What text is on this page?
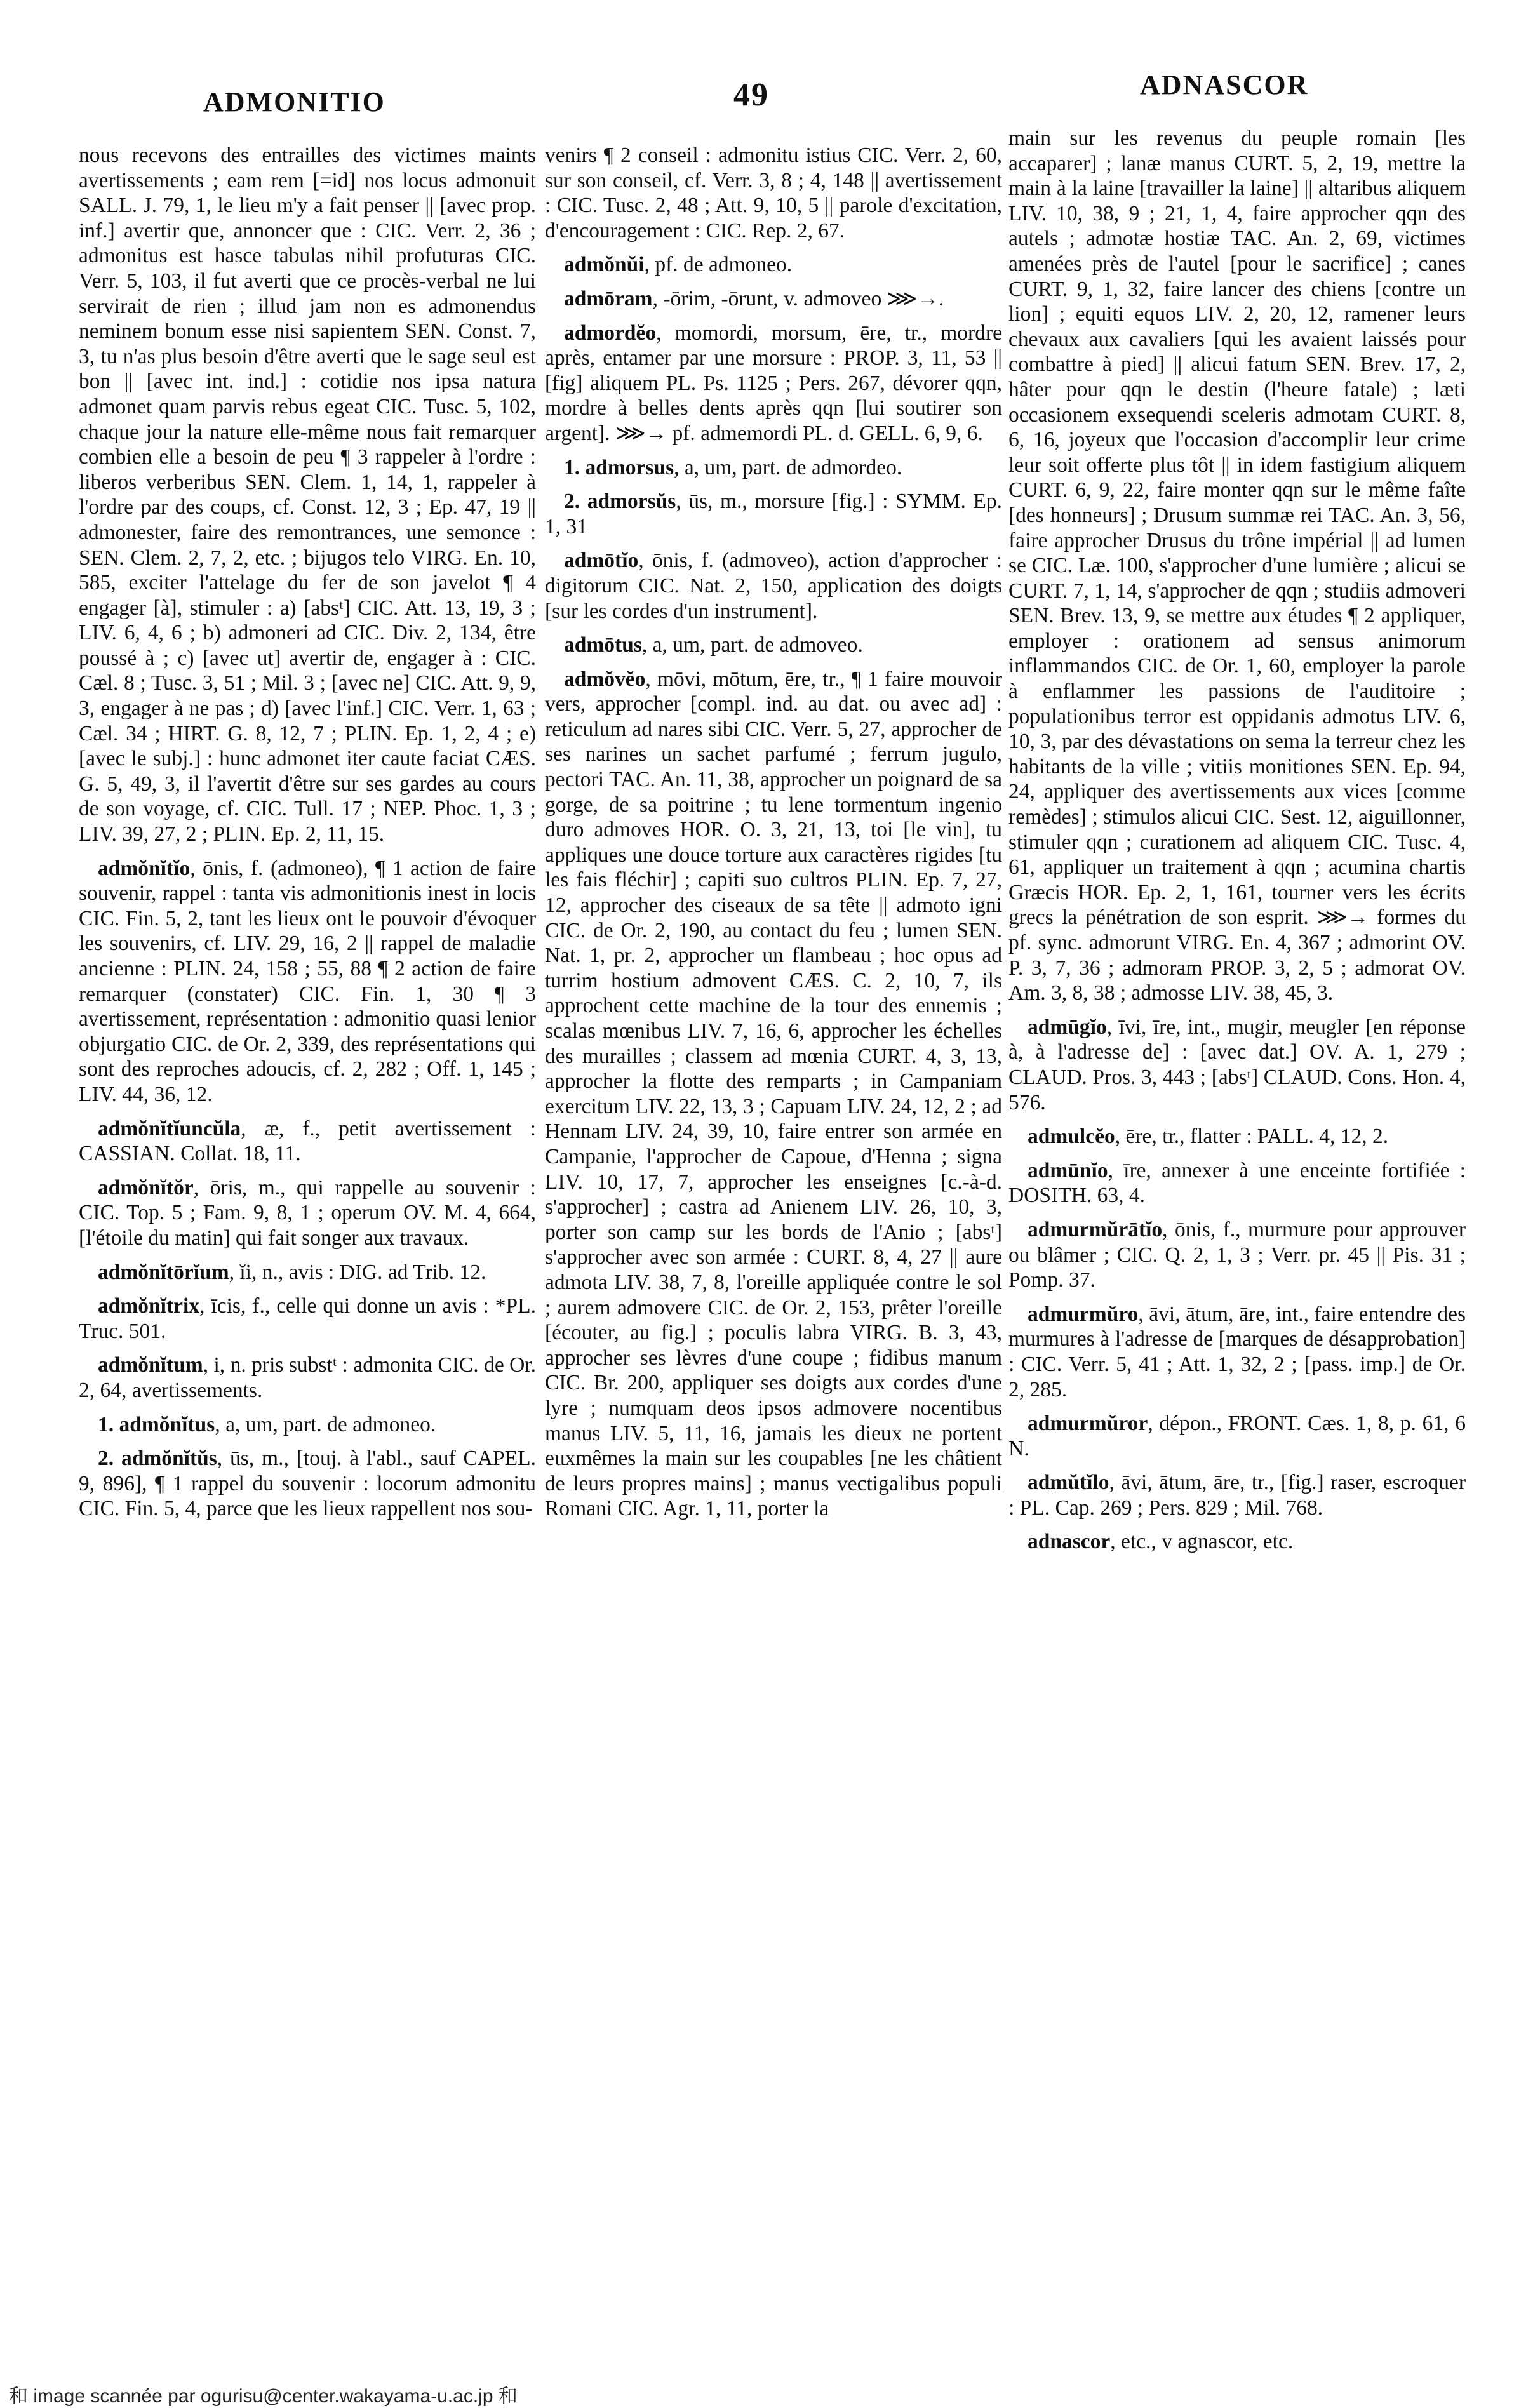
ADMONITIO	49	ADNASCOR

nous recevons des entrailles des victimes maints avertissements ; eam rem [=id] nos locus admonuit SALL. J. 79, 1, le lieu m'y a fait penser || [avec prop. inf.] avertir que, annoncer que : CIC. Verr. 2, 36 ; admonitus est hasce tabulas nihil profuturas CIC. Verr. 5, 103, il fut averti que ce procès-verbal ne lui servirait de rien ; illud jam non es admonendus neminem bonum esse nisi sapientem SEN. Const. 7, 3, tu n'as plus besoin d'être averti que le sage seul est bon || [avec int. ind.] : cotidie nos ipsa natura admonet quam parvis rebus egeat CIC. Tusc. 5, 102, chaque jour la nature elle-même nous fait remarquer combien elle a besoin de peu ¶ 3 rappeler à l'ordre : liberos verberibus SEN. Clem. 1, 14, 1, rappeler à l'ordre par des coups, cf. Const. 12, 3 ; Ep. 47, 19 || admonester, faire des remontrances, une semonce : SEN. Clem. 2, 7, 2, etc. ; bijugos telo VIRG. En. 10, 585, exciter l'attelage du fer de son javelot ¶ 4 engager [à], stimuler : a) [absᵗ] CIC. Att. 13, 19, 3 ; LIV. 6, 4, 6 ; b) admoneri ad CIC. Div. 2, 134, être poussé à ; c) [avec ut] avertir de, engager à : CIC. Cæl. 8 ; Tusc. 3, 51 ; Mil. 3 ; [avec ne] CIC. Att. 9, 9, 3, engager à ne pas ; d) [avec l'inf.] CIC. Verr. 1, 63 ; Cæl. 34 ; HIRT. G. 8, 12, 7 ; PLIN. Ep. 1, 2, 4 ; e) [avec le subj.] : hunc admonet iter caute faciat CÆS. G. 5, 49, 3, il l'avertit d'être sur ses gardes au cours de son voyage, cf. CIC. Tull. 17 ; NEP. Phoc. 1, 3 ; LIV. 39, 27, 2 ; PLIN. Ep. 2, 11, 15.

admŏnĭtĭo, ōnis, f. (admoneo), ¶ 1 action de faire souvenir, rappel : tanta vis admonitionis inest in locis CIC. Fin. 5, 2, tant les lieux ont le pouvoir d'évoquer les souvenirs, cf. LIV. 29, 16, 2 || rappel de maladie ancienne : PLIN. 24, 158 ; 55, 88 ¶ 2 action de faire remarquer (constater) CIC. Fin. 1, 30 ¶ 3 avertissement, représentation : admonitio quasi lenior objurgatio CIC. de Or. 2, 339, des représentations qui sont des reproches adoucis, cf. 2, 282 ; Off. 1, 145 ; LIV. 44, 36, 12.

admŏnĭtĭuncŭla, æ, f., petit avertissement : CASSIAN. Collat. 18, 11.

admŏnĭtŏr, ōris, m., qui rappelle au souvenir : CIC. Top. 5 ; Fam. 9, 8, 1 ; operum OV. M. 4, 664, [l'étoile du matin] qui fait songer aux travaux.

admŏnĭtōrĭum, ĭi, n., avis : DIG. ad Trib. 12.

admŏnĭtrix, īcis, f., celle qui donne un avis : *PL. Truc. 501.

admŏnĭtum, i, n. pris substᵗ : admonita CIC. de Or. 2, 64, avertissements.

1. admŏnĭtus, a, um, part. de admoneo.

2. admŏnĭtŭs, ūs, m., [touj. à l'abl., sauf CAPEL. 9, 896], ¶ 1 rappel du souvenir : locorum admonitu CIC. Fin. 5, 4, parce que les lieux rappellent nos sou-

venirs ¶ 2 conseil : admonitu istius CIC. Verr. 2, 60, sur son conseil, cf. Verr. 3, 8 ; 4, 148 || avertissement : CIC. Tusc. 2, 48 ; Att. 9, 10, 5 || parole d'excitation, d'encouragement : CIC. Rep. 2, 67.

admŏnŭi, pf. de admoneo.

admōram, -ōrim, -ōrunt, v. admoveo ⋙→.

admordĕo, momordi, morsum, ēre, tr., mordre après, entamer par une morsure : PROP. 3, 11, 53 || [fig] aliquem PL. Ps. 1125 ; Pers. 267, dévorer qqn, mordre à belles dents après qqn [lui soutirer son argent]. ⋙→ pf. admemordi PL. d. GELL. 6, 9, 6.

1. admorsus, a, um, part. de admordeo.

2. admorsŭs, ūs, m., morsure [fig.] : SYMM. Ep. 1, 31

admōtĭo, ōnis, f. (admoveo), action d'approcher : digitorum CIC. Nat. 2, 150, application des doigts [sur les cordes d'un instrument].

admōtus, a, um, part. de admoveo.

admŏvĕo, mōvi, mōtum, ēre, tr., ¶ 1 faire mouvoir vers, approcher [compl. ind. au dat. ou avec ad] : reticulum ad nares sibi CIC. Verr. 5, 27, approcher de ses narines un sachet parfumé ; ferrum jugulo, pectori TAC. An. 11, 38, approcher un poignard de sa gorge, de sa poitrine ; tu lene tormentum ingenio duro admoves HOR. O. 3, 21, 13, toi [le vin], tu appliques une douce torture aux caractères rigides [tu les fais fléchir] ; capiti suo cultros PLIN. Ep. 7, 27, 12, approcher des ciseaux de sa tête || admoto igni CIC. de Or. 2, 190, au contact du feu ; lumen SEN. Nat. 1, pr. 2, approcher un flambeau ; hoc opus ad turrim hostium admovent CÆS. C. 2, 10, 7, ils approchent cette machine de la tour des ennemis ; scalas mœnibus LIV. 7, 16, 6, approcher les échelles des murailles ; classem ad mœnia CURT. 4, 3, 13, approcher la flotte des remparts ; in Campaniam exercitum LIV. 22, 13, 3 ; Capuam LIV. 24, 12, 2 ; ad Hennam LIV. 24, 39, 10, faire entrer son armée en Campanie, l'approcher de Capoue, d'Henna ; signa LIV. 10, 17, 7, approcher les enseignes [c.-à-d. s'approcher] ; castra ad Anienem LIV. 26, 10, 3, porter son camp sur les bords de l'Anio ; [absᵗ] s'approcher avec son armée : CURT. 8, 4, 27 || aure admota LIV. 38, 7, 8, l'oreille appliquée contre le sol ; aurem admovere CIC. de Or. 2, 153, prêter l'oreille [écouter, au fig.] ; poculis labra VIRG. B. 3, 43, approcher ses lèvres d'une coupe ; fidibus manum CIC. Br. 200, appliquer ses doigts aux cordes d'une lyre ; numquam deos ipsos admovere nocentibus manus LIV. 5, 11, 16, jamais les dieux ne portent euxmêmes la main sur les coupables [ne les châtient de leurs propres mains] ; manus vectigalibus populi Romani CIC. Agr. 1, 11, porter la

main sur les revenus du peuple romain [les accaparer] ; lanæ manus CURT. 5, 2, 19, mettre la main à la laine [travailler la laine] || altaribus aliquem LIV. 10, 38, 9 ; 21, 1, 4, faire approcher qqn des autels ; admotæ hostiæ TAC. An. 2, 69, victimes amenées près de l'autel [pour le sacrifice] ; canes CURT. 9, 1, 32, faire lancer des chiens [contre un lion] ; equiti equos LIV. 2, 20, 12, ramener leurs chevaux aux cavaliers [qui les avaient laissés pour combattre à pied] || alicui fatum SEN. Brev. 17, 2, hâter pour qqn le destin (l'heure fatale) ; læti occasionem exsequendi sceleris admotam CURT. 8, 6, 16, joyeux que l'occasion d'accomplir leur crime leur soit offerte plus tôt || in idem fastigium aliquem CURT. 6, 9, 22, faire monter qqn sur le même faîte [des honneurs] ; Drusum summæ rei TAC. An. 3, 56, faire approcher Drusus du trône impérial || ad lumen se CIC. Læ. 100, s'approcher d'une lumière ; alicui se CURT. 7, 1, 14, s'approcher de qqn ; studiis admoveri SEN. Brev. 13, 9, se mettre aux études ¶ 2 appliquer, employer : orationem ad sensus animorum inflammandos CIC. de Or. 1, 60, employer la parole à enflammer les passions de l'auditoire ; populationibus terror est oppidanis admotus LIV. 6, 10, 3, par des dévastations on sema la terreur chez les habitants de la ville ; vitiis monitiones SEN. Ep. 94, 24, appliquer des avertissements aux vices [comme remèdes] ; stimulos alicui CIC. Sest. 12, aiguillonner, stimuler qqn ; curationem ad aliquem CIC. Tusc. 4, 61, appliquer un traitement à qqn ; acumina chartis Græcis HOR. Ep. 2, 1, 161, tourner vers les écrits grecs la pénétration de son esprit. ⋙→ formes du pf. sync. admorunt VIRG. En. 4, 367 ; admorint OV. P. 3, 7, 36 ; admoram PROP. 3, 2, 5 ; admorat OV. Am. 3, 8, 38 ; admosse LIV. 38, 45, 3.

admūgĭo, īvi, īre, int., mugir, meugler [en réponse à, à l'adresse de] : [avec dat.] OV. A. 1, 279 ; CLAUD. Pros. 3, 443 ; [absᵗ] CLAUD. Cons. Hon. 4, 576.

admulcĕo, ēre, tr., flatter : PALL. 4, 12, 2.

admūnĭo, īre, annexer à une enceinte fortifiée : DOSITH. 63, 4.

admurmŭrātĭo, ōnis, f., murmure pour approuver ou blâmer ; CIC. Q. 2, 1, 3 ; Verr. pr. 45 || Pis. 31 ; Pomp. 37.

admurmŭro, āvi, ātum, āre, int., faire entendre des murmures à l'adresse de [marques de désapprobation] : CIC. Verr. 5, 41 ; Att. 1, 32, 2 ; [pass. imp.] de Or. 2, 285.

admurmŭror, dépon., FRONT. Cæs. 1, 8, p. 61, 6 N.

admŭtĭlo, āvi, ātum, āre, tr., [fig.] raser, escroquer : PL. Cap. 269 ; Pers. 829 ; Mil. 768.

adnascor, etc., v agnascor, etc.

和 image scannée par ogurisu@center.wakayama-u.ac.jp 和
